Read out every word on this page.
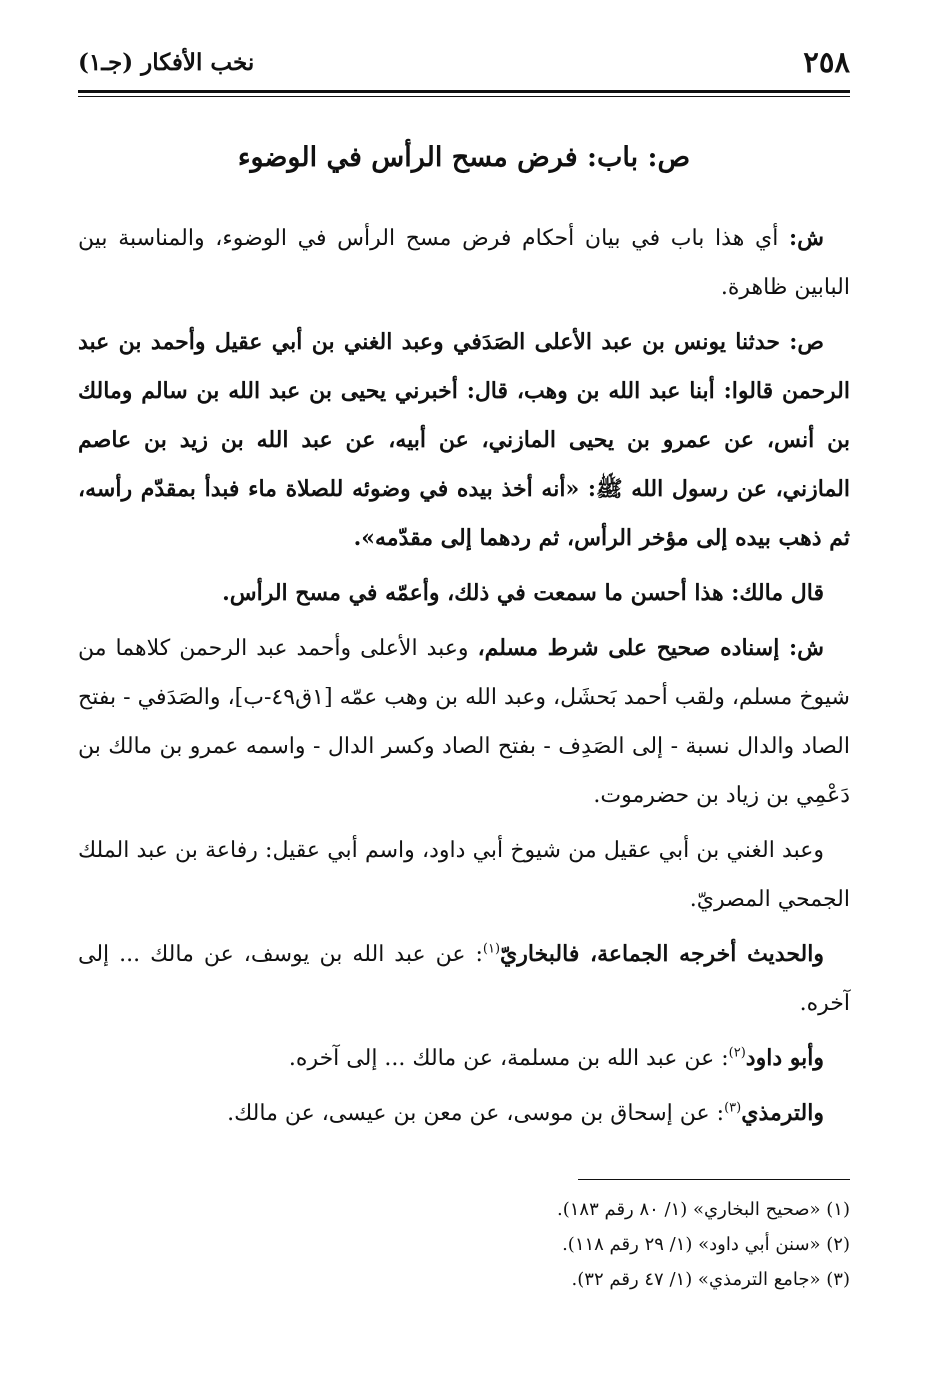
٢٥٨
نخب الأفكار (جـ١)
ص: باب: فرض مسح الرأس في الوضوء

ش: أي هذا باب في بيان أحكام فرض مسح الرأس في الوضوء، والمناسبة بين البابين ظاهرة.

ص: حدثنا يونس بن عبد الأعلى الصَدَفي وعبد الغني بن أبي عقيل وأحمد بن عبد الرحمن قالوا: أبنا عبد الله بن وهب، قال: أخبرني يحيى بن عبد الله بن سالم ومالك بن أنس، عن عمرو بن يحيى المازني، عن أبيه، عن عبد الله بن زيد بن عاصم المازني، عن رسول الله ﷺ: «أنه أخذ بيده في وضوئه للصلاة ماء فبدأ بمقدّم رأسه، ثم ذهب بيده إلى مؤخر الرأس، ثم ردهما إلى مقدّمه».

قال مالك: هذا أحسن ما سمعت في ذلك، وأعمّه في مسح الرأس.

ش: إسناده صحيح على شرط مسلم، وعبد الأعلى وأحمد عبد الرحمن كلاهما من شيوخ مسلم، ولقب أحمد بَحشَل، وعبد الله بن وهب عمّه [١ق٤٩-ب]، والصَدَفي - بفتح الصاد والدال نسبة - إلى الصَدِف - بفتح الصاد وكسر الدال - واسمه عمرو بن مالك بن دَعْمِي بن زياد بن حضرموت.

وعبد الغني بن أبي عقيل من شيوخ أبي داود، واسم أبي عقيل: رفاعة بن عبد الملك الجمحي المصريّ.

والحديث أخرجه الجماعة، فالبخاريّ$^{(١)}$: عن عبد الله بن يوسف، عن مالك ... إلى آخره.

وأبو داود$^{(٢)}$: عن عبد الله بن مسلمة، عن مالك ... إلى آخره.

والترمذي$^{(٣)}$: عن إسحاق بن موسى، عن معن بن عيسى، عن مالك.

(١) «صحيح البخاري» (١/ ٨٠ رقم ١٨٣).

(٢) «سنن أبي داود» (١/ ٢٩ رقم ١١٨).

(٣) «جامع الترمذي» (١/ ٤٧ رقم ٣٢).
